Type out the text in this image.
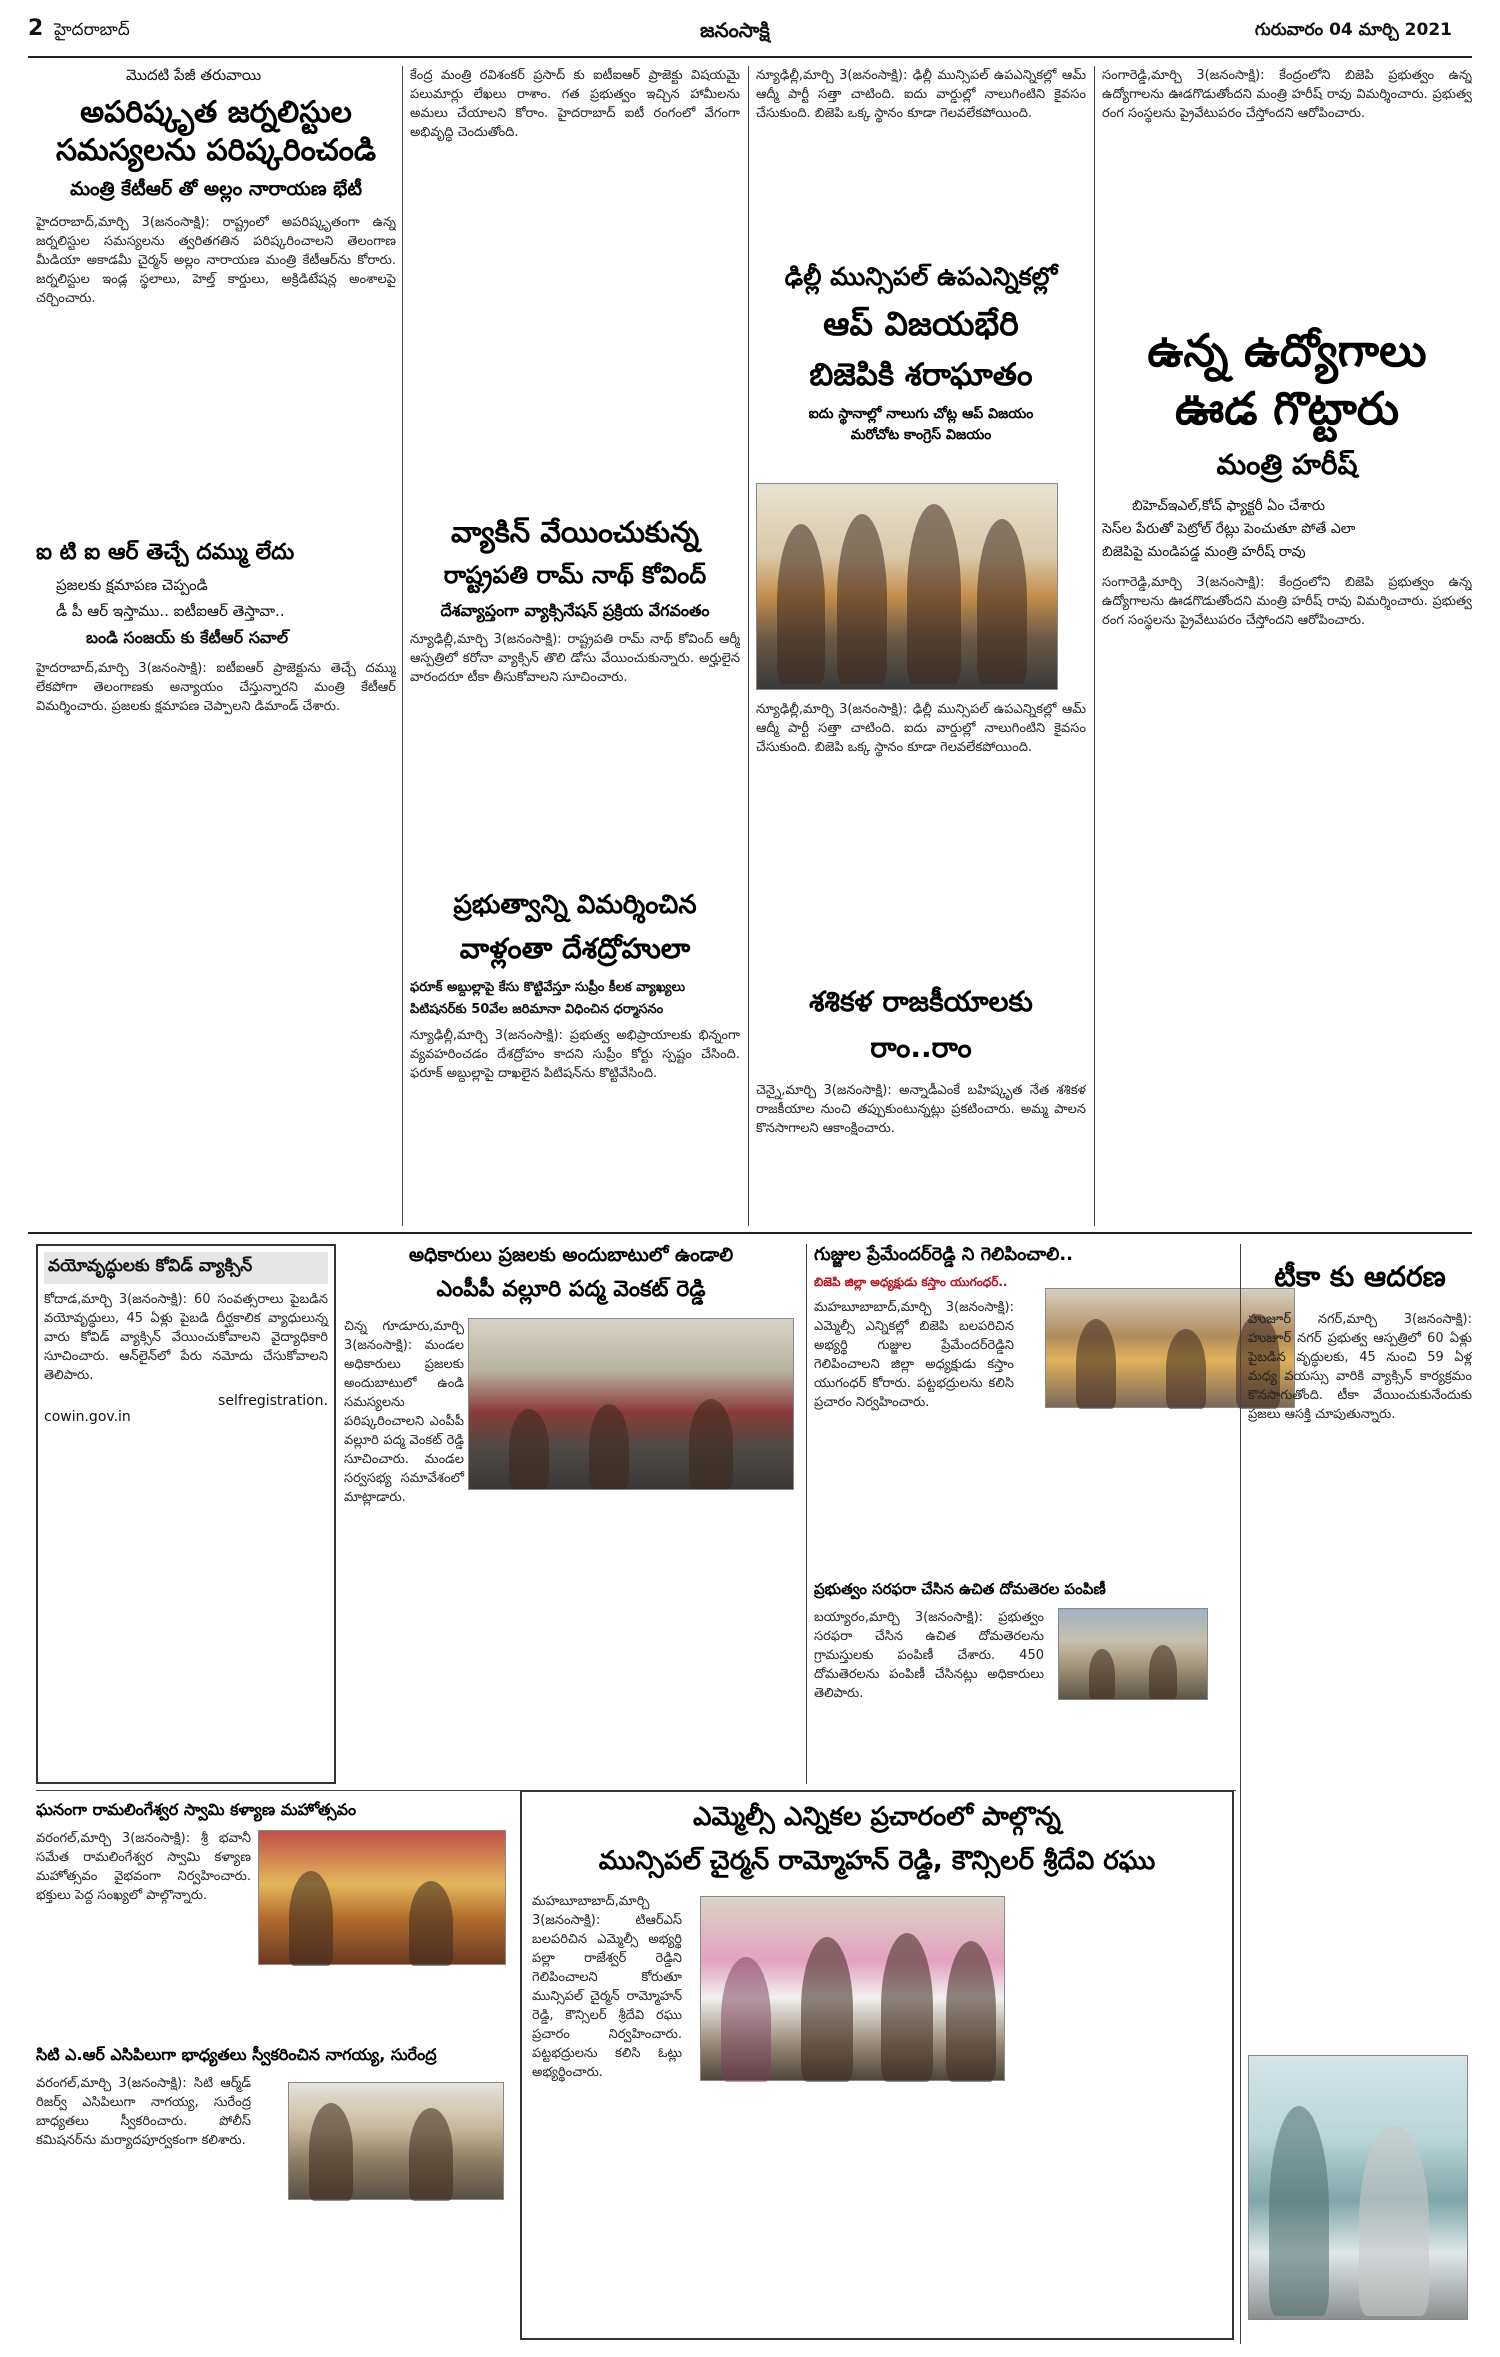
2 హైదరాబాద్	జనంసాక్షి	గురువారం 04 మార్చి 2021
మొదటి పేజీ తరువాయి
అపరిష్కృత జర్నలిస్టుల సమస్యలను పరిష్కరించండి
మంత్రి కేటీఆర్‌ తో అల్లం నారాయణ భేటీ
హైదరాబాద్‌,మార్చి 3(జనంసాక్షి): రాష్ట్రంలో అపరిష్కృతంగా ఉన్న జర్నలిస్టుల సమస్యలను త్వరితగతిన పరిష్కరించాలని తెలంగాణ మీడియా అకాడమీ చైర్మన్‌ అల్లం నారాయణ మంత్రి కేటీఆర్‌ను కోరారు. జర్నలిస్టుల ఇండ్ల స్థలాలు, హెల్త్‌ కార్డులు, అక్రిడిటేషన్ల అంశాలపై చర్చించారు.
ఐ టి ఐ ఆర్‌ తెచ్చే దమ్ము లేదు
ప్రజలకు క్షమాపణ చెప్పండి
డీ పీ ఆర్‌ ఇస్తాము.. ఐటీఐఆర్‌ తెస్తావా..
బండి సంజయ్‌ కు కేటీఆర్‌ సవాల్‌
హైదరాబాద్‌,మార్చి 3(జనంసాక్షి): ఐటీఐఆర్‌ ప్రాజెక్టును తెచ్చే దమ్ము లేకపోగా తెలంగాణకు అన్యాయం చేస్తున్నారని మంత్రి కేటీఆర్‌ విమర్శించారు. ప్రజలకు క్షమాపణ చెప్పాలని డిమాండ్‌ చేశారు.
కేంద్ర మంత్రి రవిశంకర్‌ ప్రసాద్‌ కు ఐటీఐఆర్‌ ప్రాజెక్టు విషయమై పలుమార్లు లేఖలు రాశాం. గత ప్రభుత్వం ఇచ్చిన హామీలను అమలు చేయాలని కోరాం. హైదరాబాద్‌ ఐటీ రంగంలో వేగంగా అభివృద్ధి చెందుతోంది.
వ్యాకిన్‌ వేయించుకున్న
రాష్ట్రపతి రామ్‌ నాథ్‌ కోవింద్‌
దేశవ్యాప్తంగా వ్యాక్సినేషన్‌ ప్రక్రియ వేగవంతం
న్యూఢిల్లీ,మార్చి 3(జనంసాక్షి): రాష్ట్రపతి రామ్‌ నాథ్‌ కోవింద్‌ ఆర్మీ ఆస్పత్రిలో కరోనా వ్యాక్సిన్‌ తొలి డోసు వేయించుకున్నారు. అర్హులైన వారందరూ టీకా తీసుకోవాలని సూచించారు.
ప్రభుత్వాన్ని విమర్శించిన
వాళ్లంతా దేశద్రోహులా
ఫరూక్‌ అబ్దుల్లాపై కేసు కొట్టివేస్తూ సుప్రీం కీలక వ్యాఖ్యలు
పిటిషనర్‌కు 50వేల జరిమానా విధించిన ధర్మాసనం
న్యూఢిల్లీ,మార్చి 3(జనంసాక్షి): ప్రభుత్వ అభిప్రాయాలకు భిన్నంగా వ్యవహరించడం దేశద్రోహం కాదని సుప్రీం కోర్టు స్పష్టం చేసింది. ఫరూక్‌ అబ్దుల్లాపై దాఖలైన పిటిషన్‌ను కొట్టివేసింది.
న్యూఢిల్లీ,మార్చి 3(జనంసాక్షి): ఢిల్లీ మున్సిపల్‌ ఉపఎన్నికల్లో ఆమ్‌ ఆద్మీ పార్టీ సత్తా చాటింది. ఐదు వార్డుల్లో నాలుగింటిని కైవసం చేసుకుంది. బిజెపి ఒక్క స్థానం కూడా గెలవలేకపోయింది.
ఢిల్లీ మున్సిపల్‌ ఉపఎన్నికల్లో
ఆప్‌ విజయభేరి
బిజెపికి శరాఘాతం
ఐదు స్థానాల్లో నాలుగు చోట్ల ఆప్‌ విజయం
మరోచోట కాంగ్రెస్‌ విజయం
న్యూఢిల్లీ,మార్చి 3(జనంసాక్షి): ఢిల్లీ మున్సిపల్‌ ఉపఎన్నికల్లో ఆమ్‌ ఆద్మీ పార్టీ సత్తా చాటింది. ఐదు వార్డుల్లో నాలుగింటిని కైవసం చేసుకుంది. బిజెపి ఒక్క స్థానం కూడా గెలవలేకపోయింది.
శశికళ రాజకీయాలకు
రాం..రాం
చెన్నై,మార్చి 3(జనంసాక్షి): అన్నాడీఎంకే బహిష్కృత నేత శశికళ రాజకీయాల నుంచి తప్పుకుంటున్నట్లు ప్రకటించారు. అమ్మ పాలన కొనసాగాలని ఆకాంక్షించారు.
సంగారెడ్డి,మార్చి 3(జనంసాక్షి): కేంద్రంలోని బిజెపి ప్రభుత్వం ఉన్న ఉద్యోగాలను ఊడగొడుతోందని మంత్రి హరీష్‌ రావు విమర్శించారు. ప్రభుత్వ రంగ సంస్థలను ప్రైవేటుపరం చేస్తోందని ఆరోపించారు.
ఉన్న ఉద్యోగాలు
ఊడ గొట్టారు
మంత్రి హరీష్‌
బిహెచ్‌ఇఎల్‌,కోచ్‌ ఫ్యాక్టరీ ఏం చేశారు
సెస్‌ల పేరుతో పెట్రోల్‌ రేట్లు పెంచుతూ పోతే ఎలా
బిజెపిపై మండిపడ్డ మంత్రి హరీష్‌ రావు
సంగారెడ్డి,మార్చి 3(జనంసాక్షి): కేంద్రంలోని బిజెపి ప్రభుత్వం ఉన్న ఉద్యోగాలను ఊడగొడుతోందని మంత్రి హరీష్‌ రావు విమర్శించారు. ప్రభుత్వ రంగ సంస్థలను ప్రైవేటుపరం చేస్తోందని ఆరోపించారు.
వయోవృద్ధులకు కోవిడ్‌ వ్యాక్సిన్‌
కోదాడ,మార్చి 3(జనంసాక్షి): 60 సంవత్సరాలు పైబడిన వయోవృద్ధులు, 45 ఏళ్లు పైబడి దీర్ఘకాలిక వ్యాధులున్న వారు కోవిడ్‌ వ్యాక్సిన్‌ వేయించుకోవాలని వైద్యాధికారి సూచించారు. ఆన్‌లైన్‌లో పేరు నమోదు చేసుకోవాలని తెలిపారు.
selfregistration.
cowin.gov.in
అధికారులు ప్రజలకు అందుబాటులో ఉండాలి
ఎంపీపీ వల్లూరి పద్మ వెంకట్‌ రెడ్డి
చిన్న గూడూరు,మార్చి 3(జనంసాక్షి): మండల అధికారులు ప్రజలకు అందుబాటులో ఉండి సమస్యలను పరిష్కరించాలని ఎంపీపీ వల్లూరి పద్మ వెంకట్‌ రెడ్డి సూచించారు. మండల సర్వసభ్య సమావేశంలో మాట్లాడారు.
గుజ్జుల ప్రేమేందర్‌రెడ్డి ని గెలిపించాలి..
బిజెపి జిల్లా అధ్యక్షుడు కస్తాం యుగంధర్‌..
మహబూబాబాద్‌,మార్చి 3(జనంసాక్షి): ఎమ్మెల్సీ ఎన్నికల్లో బిజెపి బలపరిచిన అభ్యర్థి గుజ్జుల ప్రేమేందర్‌రెడ్డిని గెలిపించాలని జిల్లా అధ్యక్షుడు కస్తాం యుగంధర్‌ కోరారు. పట్టభద్రులను కలిసి ప్రచారం నిర్వహించారు.
ప్రభుత్వం సరఫరా చేసిన ఉచిత దోమతెరల పంపిణీ
బయ్యారం,మార్చి 3(జనంసాక్షి): ప్రభుత్వం సరఫరా చేసిన ఉచిత దోమతెరలను గ్రామస్తులకు పంపిణీ చేశారు. 450 దోమతెరలను పంపిణీ చేసినట్లు అధికారులు తెలిపారు.
టీకా కు ఆదరణ
హుజూర్‌ నగర్‌,మార్చి 3(జనంసాక్షి): హుజూర్‌ నగర్‌ ప్రభుత్వ ఆస్పత్రిలో 60 ఏళ్లు పైబడిన వృద్ధులకు, 45 నుంచి 59 ఏళ్ల మధ్య వయస్సు వారికి వ్యాక్సిన్‌ కార్యక్రమం కొనసాగుతోంది. టీకా వేయించుకునేందుకు ప్రజలు ఆసక్తి చూపుతున్నారు.
ఘనంగా రామలింగేశ్వర స్వామి కళ్యాణ మహోత్సవం
వరంగల్‌,మార్చి 3(జనంసాక్షి): శ్రీ భవానీ సమేత రామలింగేశ్వర స్వామి కళ్యాణ మహోత్సవం వైభవంగా నిర్వహించారు. భక్తులు పెద్ద సంఖ్యలో పాల్గొన్నారు.
సిటి ఎ.ఆర్‌ ఎసిపిలుగా భాధ్యతలు స్వీకరించిన నాగయ్య, సురేంద్ర
వరంగల్‌,మార్చి 3(జనంసాక్షి): సిటి ఆర్మ్‌డ్‌ రిజర్వ్‌ ఎసిపిలుగా నాగయ్య, సురేంద్ర బాధ్యతలు స్వీకరించారు. పోలీస్‌ కమిషనర్‌ను మర్యాదపూర్వకంగా కలిశారు.
ఎమ్మెల్సీ ఎన్నికల ప్రచారంలో పాల్గొన్న
మున్సిపల్‌ చైర్మన్‌ రామ్మోహన్‌ రెడ్డి, కౌన్సిలర్‌ శ్రీదేవి రఘు
మహబూబాబాద్‌,మార్చి 3(జనంసాక్షి): టిఆర్‌ఎస్‌ బలపరిచిన ఎమ్మెల్సీ అభ్యర్థి పల్లా రాజేశ్వర్‌ రెడ్డిని గెలిపించాలని కోరుతూ మున్సిపల్‌ చైర్మన్‌ రామ్మోహన్‌ రెడ్డి, కౌన్సిలర్‌ శ్రీదేవి రఘు ప్రచారం నిర్వహించారు. పట్టభద్రులను కలిసి ఓట్లు అభ్యర్థించారు.
